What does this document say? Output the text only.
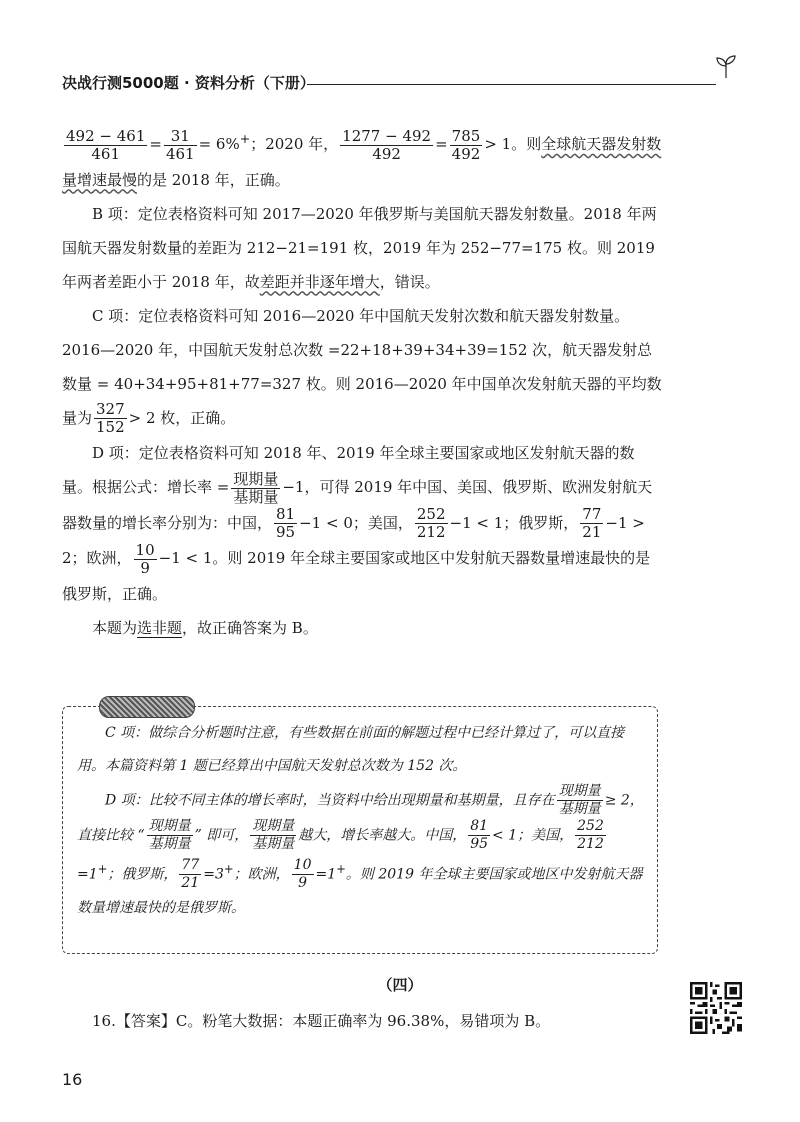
决战行测5000题 · 资料分析（下册）

$\frac{492 - 461}{461} = \frac{31}{461} = 6\%^+$；2020 年， $\frac{1277 - 492}{492} = \frac{785}{492} > 1$。则全球航天器发射数量增速最慢的是 2018 年，正确。

B 项：定位表格资料可知 2017—2020 年俄罗斯与美国航天器发射数量。2018 年两国航天器发射数量的差距为 212−21=191 枚，2019 年为 252−77=175 枚。则 2019 年两者差距小于 2018 年，故差距并非逐年增大，错误。

C 项：定位表格资料可知 2016—2020 年中国航天发射次数和航天器发射数量。2016—2020 年，中国航天发射总次数 =22+18+39+34+39=152 次，航天器发射总数量 = 40+34+95+81+77=327 枚。则 2016—2020 年中国单次发射航天器的平均数量为 $\frac{327}{152} > 2$ 枚，正确。

D 项：定位表格资料可知 2018 年、2019 年全球主要国家或地区发射航天器的数量。根据公式：增长率 = $\frac{\text{现期量}}{\text{基期量}} -1$，可得 2019 年中国、美国、俄罗斯、欧洲发射航天器数量的增长率分别为：中国， $\frac{81}{95} -1 < 0$；美国， $\frac{252}{212} -1 < 1$；俄罗斯， $\frac{77}{21} -1 > 2$；欧洲， $\frac{10}{9} -1 < 1$。则 2019 年全球主要国家或地区中发射航天器数量增速最快的是俄罗斯，正确。

本题为选非题，故正确答案为 B。

C 项：做综合分析题时注意，有些数据在前面的解题过程中已经计算过了，可以直接用。本篇资料第 1 题已经算出中国航天发射总次数为 152 次。

D 项：比较不同主体的增长率时，当资料中给出现期量和基期量，且存在 $\frac{\text{现期量}}{\text{基期量}} \ge 2$，直接比较 “ $\frac{\text{现期量}}{\text{基期量}}$ ” 即可， $\frac{\text{现期量}}{\text{基期量}}$ 越大，增长率越大。中国， $\frac{81}{95} < 1$；美国， $\frac{252}{212}$
=1+；俄罗斯， $\frac{77}{21} =3^+$；欧洲， $\frac{10}{9} =1^+$。则 2019 年全球主要国家或地区中发射航天器数量增速最快的是俄罗斯。

（四）
16.【答案】C。粉笔大数据：本题正确率为 96.38%，易错项为 B。
16
